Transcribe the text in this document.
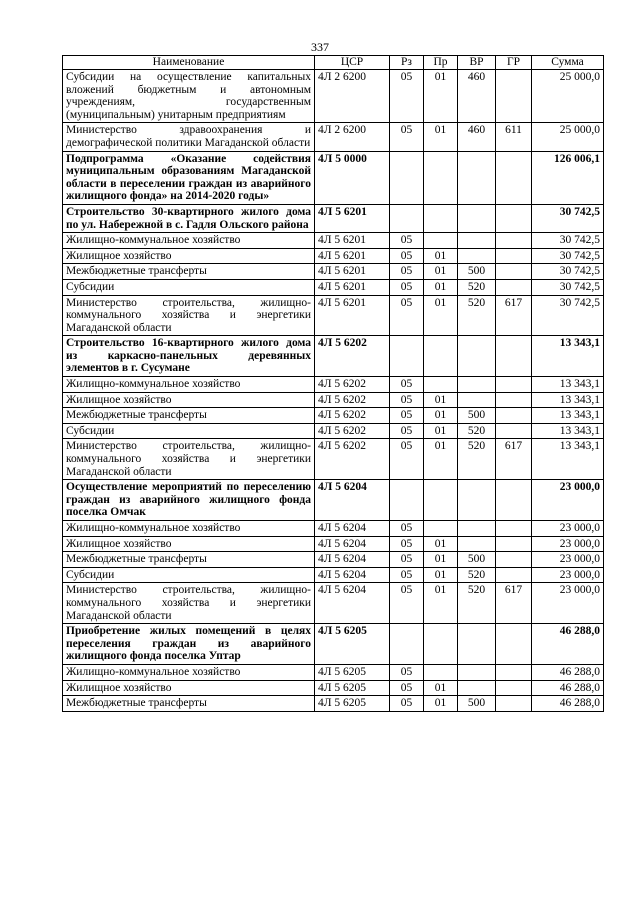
337
Наименование	ЦСР	Рз	Пр	ВР	ГР	Сумма
Субсидии на осуществление капитальных вложений бюджетным и автономным учреждениям, государственным (муниципальным) унитарным предприятиям	4Л 2 6200	05	01	460		25 000,0
Министерство здравоохранения и демографической политики Магаданской области	4Л 2 6200	05	01	460	611	25 000,0
Подпрограмма «Оказание содействия муниципальным образованиям Магаданской области в переселении граждан из аварийного жилищного фонда» на 2014-2020 годы»	4Л 5 0000					126 006,1
Строительство 30-квартирного жилого дома по ул. Набережной в с. Гадля Ольского района	4Л 5 6201					30 742,5
Жилищно-коммунальное хозяйство	4Л 5 6201	05				30 742,5
Жилищное хозяйство	4Л 5 6201	05	01			30 742,5
Межбюджетные трансферты	4Л 5 6201	05	01	500		30 742,5
Субсидии	4Л 5 6201	05	01	520		30 742,5
Министерство строительства, жилищно-коммунального хозяйства и энергетики Магаданской области	4Л 5 6201	05	01	520	617	30 742,5
Строительство 16-квартирного жилого дома из каркасно-панельных деревянных элементов в г. Сусумане	4Л 5 6202					13 343,1
Жилищно-коммунальное хозяйство	4Л 5 6202	05				13 343,1
Жилищное хозяйство	4Л 5 6202	05	01			13 343,1
Межбюджетные трансферты	4Л 5 6202	05	01	500		13 343,1
Субсидии	4Л 5 6202	05	01	520		13 343,1
Министерство строительства, жилищно-коммунального хозяйства и энергетики Магаданской области	4Л 5 6202	05	01	520	617	13 343,1
Осуществление мероприятий по переселению граждан из аварийного жилищного фонда поселка Омчак	4Л 5 6204					23 000,0
Жилищно-коммунальное хозяйство	4Л 5 6204	05				23 000,0
Жилищное хозяйство	4Л 5 6204	05	01			23 000,0
Межбюджетные трансферты	4Л 5 6204	05	01	500		23 000,0
Субсидии	4Л 5 6204	05	01	520		23 000,0
Министерство строительства, жилищно-коммунального хозяйства и энергетики Магаданской области	4Л 5 6204	05	01	520	617	23 000,0
Приобретение жилых помещений в целях переселения граждан из аварийного жилищного фонда поселка Уптар	4Л 5 6205					46 288,0
Жилищно-коммунальное хозяйство	4Л 5 6205	05				46 288,0
Жилищное хозяйство	4Л 5 6205	05	01			46 288,0
Межбюджетные трансферты	4Л 5 6205	05	01	500		46 288,0
